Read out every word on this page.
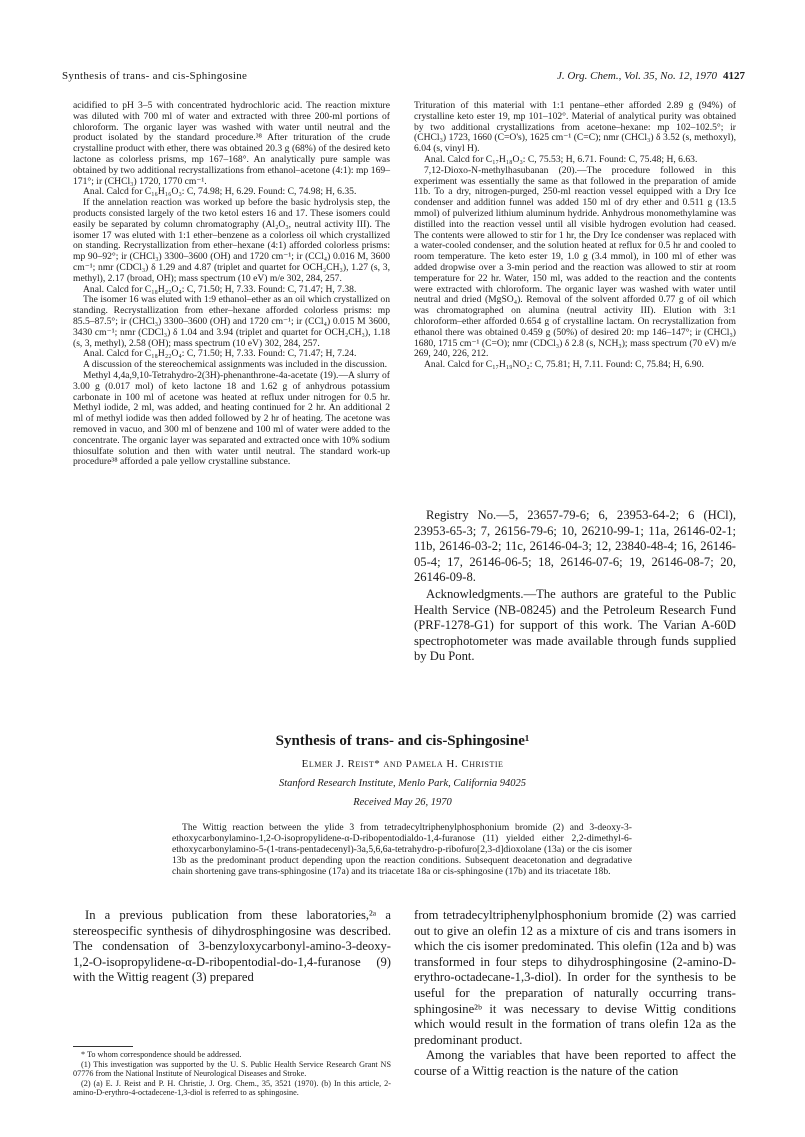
Synthesis of trans- and cis-Sphingosine	J. Org. Chem., Vol. 35, No. 12, 1970 4127

acidified to pH 3–5 with concentrated hydrochloric acid. The reaction mixture was diluted with 700 ml of water and extracted with three 200-ml portions of chloroform. The organic layer was washed with water until neutral and the product isolated by the standard procedure.³⁸ After trituration of the crude crystalline product with ether, there was obtained 20.3 g (68%) of the desired keto lactone as colorless prisms, mp 167–168°. An analytically pure sample was obtained by two additional recrystallizations from ethanol–acetone (4:1): mp 169–171°; ir (CHCl₃) 1720, 1770 cm⁻¹.

Anal. Calcd for C₁₆H₁₆O₃: C, 74.98; H, 6.29. Found: C, 74.98; H, 6.35.

If the annelation reaction was worked up before the basic hydrolysis step, the products consisted largely of the two ketol esters 16 and 17. These isomers could easily be separated by column chromatography (Al₂O₃, neutral activity III). The isomer 17 was eluted with 1:1 ether–benzene as a colorless oil which crystallized on standing. Recrystallization from ether–hexane (4:1) afforded colorless prisms: mp 90–92°; ir (CHCl₃) 3300–3600 (OH) and 1720 cm⁻¹; ir (CCl₄) 0.016 M, 3600 cm⁻¹; nmr (CDCl₃) δ 1.29 and 4.87 (triplet and quartet for OCH₂CH₃), 1.27 (s, 3, methyl), 2.17 (broad, OH); mass spectrum (10 eV) m/e 302, 284, 257.

Anal. Calcd for C₁₈H₂₂O₄: C, 71.50; H, 7.33. Found: C, 71.47; H, 7.38.

The isomer 16 was eluted with 1:9 ethanol–ether as an oil which crystallized on standing. Recrystallization from ether–hexane afforded colorless prisms: mp 85.5–87.5°; ir (CHCl₃) 3300–3600 (OH) and 1720 cm⁻¹; ir (CCl₄) 0.015 M 3600, 3430 cm⁻¹; nmr (CDCl₃) δ 1.04 and 3.94 (triplet and quartet for OCH₂CH₃), 1.18 (s, 3, methyl), 2.58 (OH); mass spectrum (10 eV) 302, 284, 257.

Anal. Calcd for C₁₈H₂₂O₄: C, 71.50; H, 7.33. Found: C, 71.47; H, 7.24.

A discussion of the stereochemical assignments was included in the discussion.

Methyl 4,4a,9,10-Tetrahydro-2(3H)-phenanthrone-4a-acetate (19).—A slurry of 3.00 g (0.017 mol) of keto lactone 18 and 1.62 g of anhydrous potassium carbonate in 100 ml of acetone was heated at reflux under nitrogen for 0.5 hr. Methyl iodide, 2 ml, was added, and heating continued for 2 hr. An additional 2 ml of methyl iodide was then added followed by 2 hr of heating. The acetone was removed in vacuo, and 300 ml of benzene and 100 ml of water were added to the concentrate. The organic layer was separated and extracted once with 10% sodium thiosulfate solution and then with water until neutral. The standard work-up procedure³⁸ afforded a pale yellow crystalline substance.

Trituration of this material with 1:1 pentane–ether afforded 2.89 g (94%) of crystalline keto ester 19, mp 101–102°. Material of analytical purity was obtained by two additional crystallizations from acetone–hexane: mp 102–102.5°; ir (CHCl₃) 1723, 1660 (C=O's), 1625 cm⁻¹ (C=C); nmr (CHCl₃) δ 3.52 (s, methoxyl), 6.04 (s, vinyl H).

Anal. Calcd for C₁₇H₁₈O₃: C, 75.53; H, 6.71. Found: C, 75.48; H, 6.63.

7,12-Dioxo-N-methylhasubanan (20).—The procedure followed in this experiment was essentially the same as that followed in the preparation of amide 11b. To a dry, nitrogen-purged, 250-ml reaction vessel equipped with a Dry Ice condenser and addition funnel was added 150 ml of dry ether and 0.511 g (13.5 mmol) of pulverized lithium aluminum hydride. Anhydrous monomethylamine was distilled into the reaction vessel until all visible hydrogen evolution had ceased. The contents were allowed to stir for 1 hr, the Dry Ice condenser was replaced with a water-cooled condenser, and the solution heated at reflux for 0.5 hr and cooled to room temperature. The keto ester 19, 1.0 g (3.4 mmol), in 100 ml of ether was added dropwise over a 3-min period and the reaction was allowed to stir at room temperature for 22 hr. Water, 150 ml, was added to the reaction and the contents were extracted with chloroform. The organic layer was washed with water until neutral and dried (MgSO₄). Removal of the solvent afforded 0.77 g of oil which was chromatographed on alumina (neutral activity III). Elution with 3:1 chloroform–ether afforded 0.654 g of crystalline lactam. On recrystallization from ethanol there was obtained 0.459 g (50%) of desired 20: mp 146–147°; ir (CHCl₃) 1680, 1715 cm⁻¹ (C=O); nmr (CDCl₃) δ 2.8 (s, NCH₃); mass spectrum (70 eV) m/e 269, 240, 226, 212.

Anal. Calcd for C₁₇H₁₉NO₂: C, 75.81; H, 7.11. Found: C, 75.84; H, 6.90.

Registry No.—5, 23657-79-6; 6, 23953-64-2; 6 (HCl), 23953-65-3; 7, 26156-79-6; 10, 26210-99-1; 11a, 26146-02-1; 11b, 26146-03-2; 11c, 26146-04-3; 12, 23840-48-4; 16, 26146-05-4; 17, 26146-06-5; 18, 26146-07-6; 19, 26146-08-7; 20, 26146-09-8.

Acknowledgments.—The authors are grateful to the Public Health Service (NB-08245) and the Petroleum Research Fund (PRF-1278-G1) for support of this work. The Varian A-60D spectrophotometer was made available through funds supplied by Du Pont.

Synthesis of trans- and cis-Sphingosine¹
Elmer J. Reist* and Pamela H. Christie
Stanford Research Institute, Menlo Park, California 94025
Received May 26, 1970

The Wittig reaction between the ylide 3 from tetradecyltriphenylphosphonium bromide (2) and 3-deoxy-3-ethoxycarbonylamino-1,2-O-isopropylidene-α-D-ribopentodialdo-1,4-furanose (11) yielded either 2,2-dimethyl-6-ethoxycarbonylamino-5-(1-trans-pentadecenyl)-3a,5,6,6a-tetrahydro-p-ribofuro[2,3-d]dioxolane (13a) or the cis isomer 13b as the predominant product depending upon the reaction conditions. Subsequent deacetonation and degradative chain shortening gave trans-sphingosine (17a) and its triacetate 18a or cis-sphingosine (17b) and its triacetate 18b.

In a previous publication from these laboratories,²ᵃ a stereospecific synthesis of dihydrosphingosine was described. The condensation of 3-benzyloxycarbonyl-amino-3-deoxy-1,2-O-isopropylidene-α-D-ribopentodial-do-1,4-furanose (9) with the Wittig reagent (3) prepared

from tetradecyltriphenylphosphonium bromide (2) was carried out to give an olefin 12 as a mixture of cis and trans isomers in which the cis isomer predominated. This olefin (12a and b) was transformed in four steps to dihydrosphingosine (2-amino-D-erythro-octadecane-1,3-diol). In order for the synthesis to be useful for the preparation of naturally occurring trans-sphingosine²ᵇ it was necessary to devise Wittig conditions which would result in the formation of trans olefin 12a as the predominant product.

Among the variables that have been reported to affect the course of a Wittig reaction is the nature of the cation

* To whom correspondence should be addressed.
(1) This investigation was supported by the U. S. Public Health Service Research Grant NS 07776 from the National Institute of Neurological Diseases and Stroke.
(2) (a) E. J. Reist and P. H. Christie, J. Org. Chem., 35, 3521 (1970). (b) In this article, 2-amino-D-erythro-4-octadecene-1,3-diol is referred to as sphingosine.
